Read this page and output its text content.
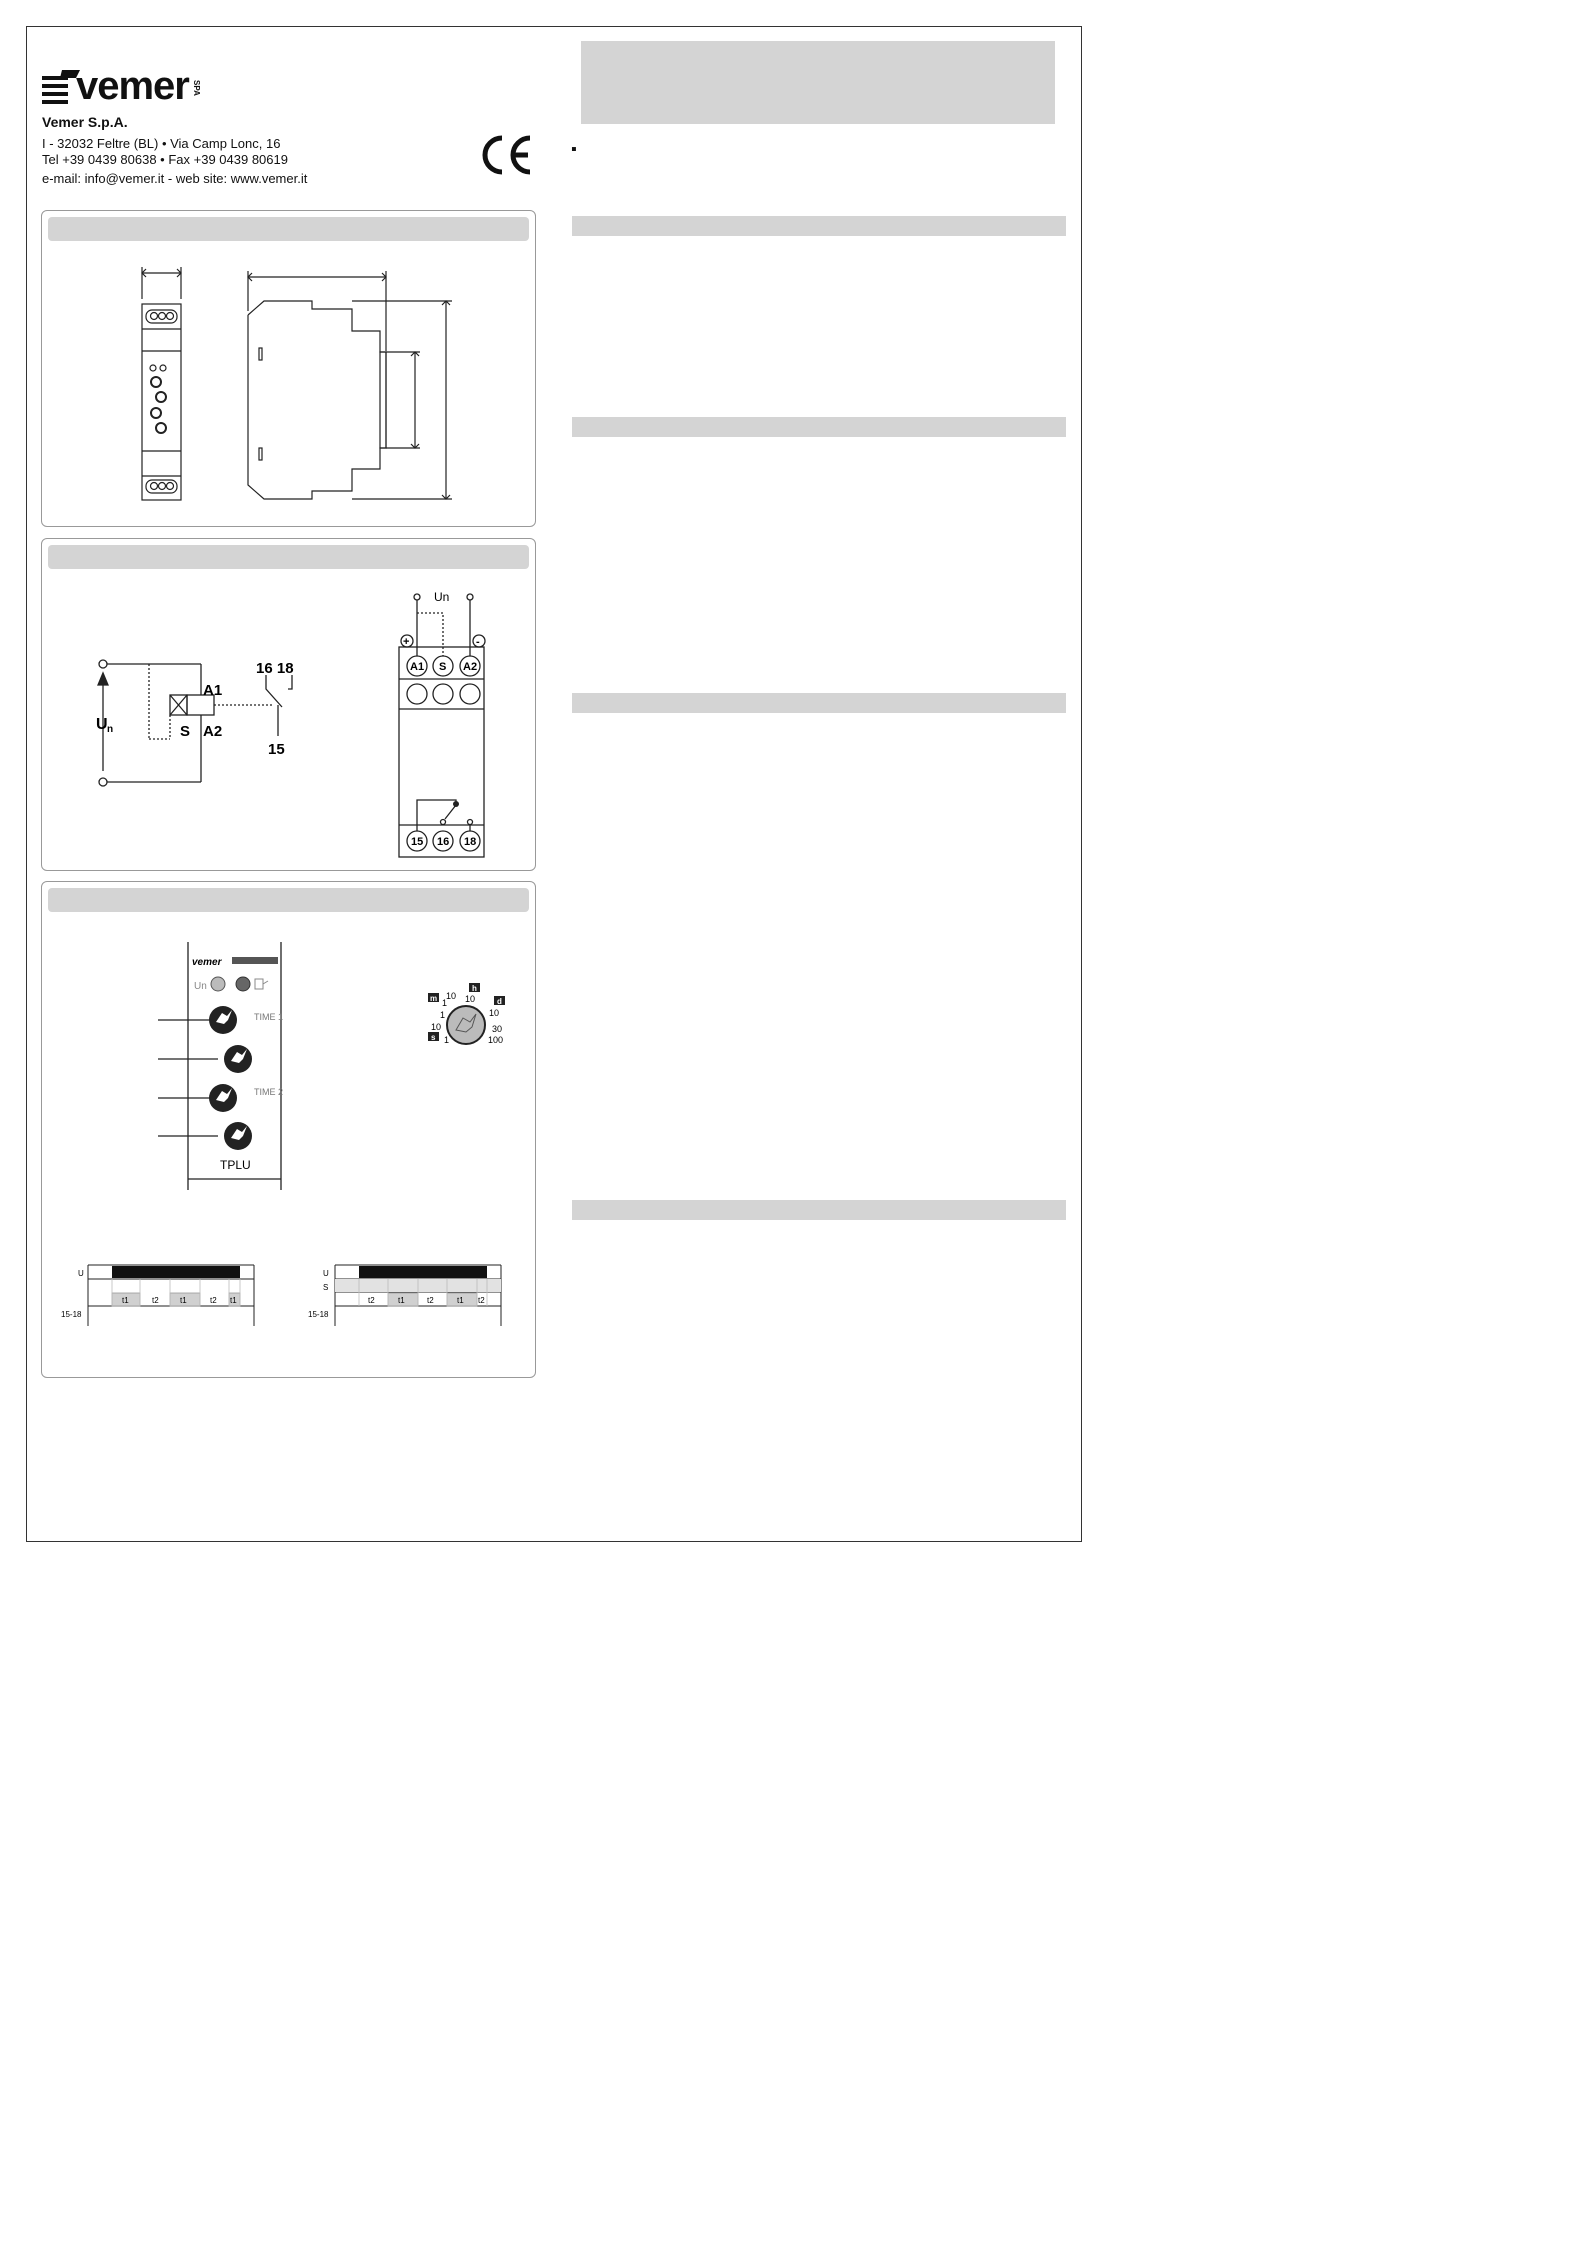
vemer SPA
Vemer S.p.A.
I - 32032 Feltre (BL) • Via Camp Lonc, 16
Tel +39 0439 80638 • Fax +39 0439 80619
e-mail: info@vemer.it - web site: www.vemer.it
▪
16 18
A1
A2
S
15
U n
Un
+	-
A1 S A2
15 16 18
vemer
Un
TIME 1
TIME 2
TPLU
m
h
d
s
1 10
10
10	30
100
1
10
1
U
15-18
t1	t2	t1	t2 t1
U
S
15-18
t2	t1	t2	t1 t2
